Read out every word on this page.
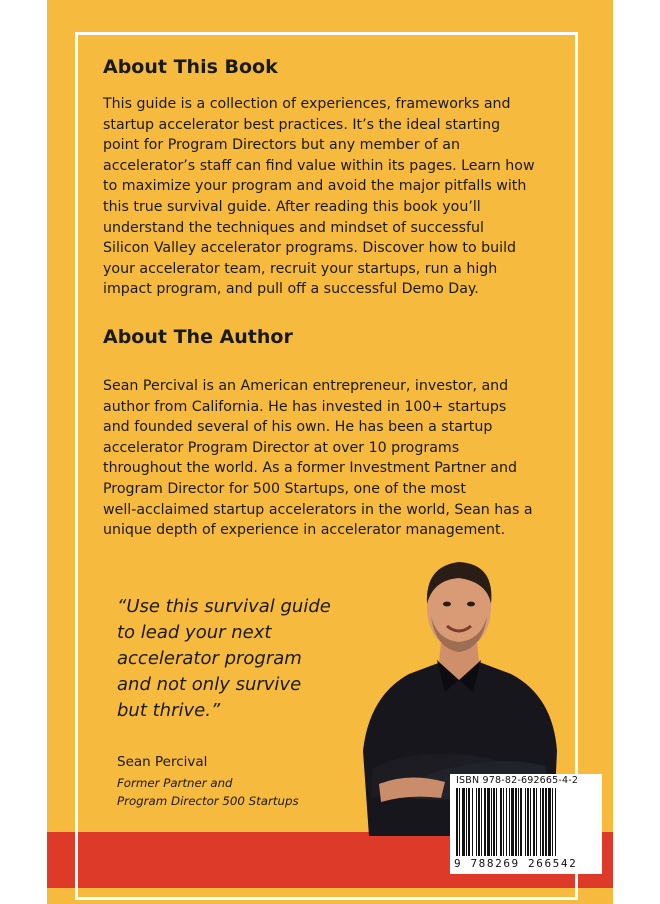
About This Book

This guide is a collection of experiences, frameworks and
startup accelerator best practices. It’s the ideal starting
point for Program Directors but any member of an
accelerator’s staff can find value within its pages. Learn how
to maximize your program and avoid the major pitfalls with
this true survival guide. After reading this book you’ll
understand the techniques and mindset of successful
Silicon Valley accelerator programs. Discover how to build
your accelerator team, recruit your startups, run a high
impact program, and pull off a successful Demo Day.

About The Author

Sean Percival is an American entrepreneur, investor, and
author from California. He has invested in 100+ startups
and founded several of his own. He has been a startup
accelerator Program Director at over 10 programs
throughout the world. As a former Investment Partner and
Program Director for 500 Startups, one of the most
well-acclaimed startup accelerators in the world, Sean has a
unique depth of experience in accelerator management.

“Use this survival guide
to lead your next
accelerator program
and not only survive
but thrive.”

Sean Percival

Former Partner and
Program Director 500 Startups

ISBN 978-82-692665-4-2
9 788269 266542
